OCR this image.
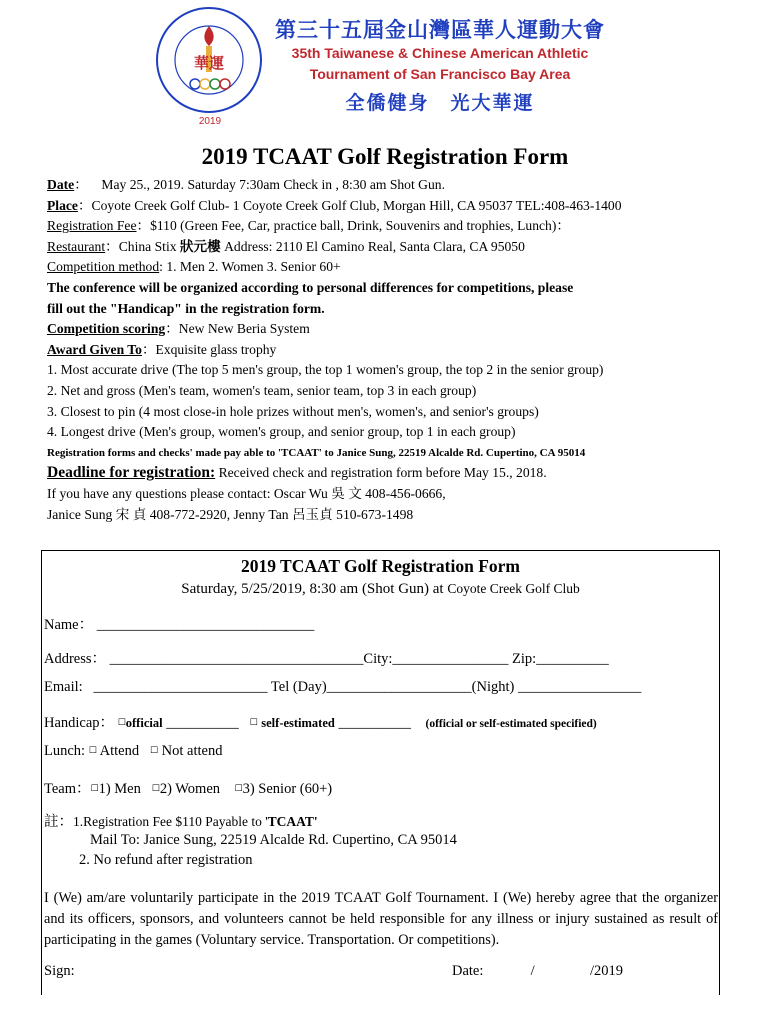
華運
2019
第三十五屆金山灣區華人運動大會
35th Taiwanese & Chinese American Athletic
Tournament of San Francisco Bay Area
全僑健身　光大華運
2019 TCAAT Golf Registration Form
Date： May 25., 2019. Saturday 7:30am Check in , 8:30 am Shot Gun.
Place：Coyote Creek Golf Club- 1 Coyote Creek Golf Club, Morgan Hill, CA 95037 TEL:408-463-1400
Registration Fee：$110 (Green Fee, Car, practice ball, Drink, Souvenirs and trophies, Lunch)：
Restaurant：China Stix 狀元樓 Address: 2110 El Camino Real, Santa Clara, CA 95050
Competition method: 1. Men 2. Women 3. Senior 60+
The conference will be organized according to personal differences for competitions, please
fill out the "Handicap" in the registration form.
Competition scoring：New New Beria System
Award Given To：Exquisite glass trophy
1. Most accurate drive (The top 5 men's group, the top 1 women's group, the top 2 in the senior group)
2. Net and gross (Men's team, women's team, senior team, top 3 in each group)
3. Closest to pin (4 most close-in hole prizes without men's, women's, and senior's groups)
4. Longest drive (Men's group, women's group, and senior group, top 1 in each group)
Registration forms and checks' made pay able to 'TCAAT' to Janice Sung, 22519 Alcalde Rd. Cupertino, CA 95014
Deadline for registration: Received check and registration form before May 15., 2018.
If you have any questions please contact: Oscar Wu 吳 文 408-456-0666,
Janice Sung 宋 貞 408-772-2920, Jenny Tan 呂玉貞 510-673-1498
2019 TCAAT Golf Registration Form
Saturday, 5/25/2019, 8:30 am (Shot Gun) at Coyote Creek Golf Club
Name： ______________________________
Address： ___________________________________City:________________ Zip:__________
Email: ________________________ Tel (Day)____________________(Night) _________________
Handicap： ☐official __________ ☐ self-estimated __________ (official or self-estimated specified)
Lunch: ☐ Attend ☐ Not attend
Team：☐1) Men ☐2) Women ☐3) Senior (60+)
註：1.Registration Fee $110 Payable to 'TCAAT'
Mail To: Janice Sung, 22519 Alcalde Rd. Cupertino, CA 95014
2. No refund after registration
I (We) am/are voluntarily participate in the 2019 TCAAT Golf Tournament. I (We) hereby agree that the organizer and its officers, sponsors, and volunteers cannot be held responsible for any illness or injury sustained as result of participating in the games (Voluntary service. Transportation. Or competitions).
Sign:	Date:	/	/2019
